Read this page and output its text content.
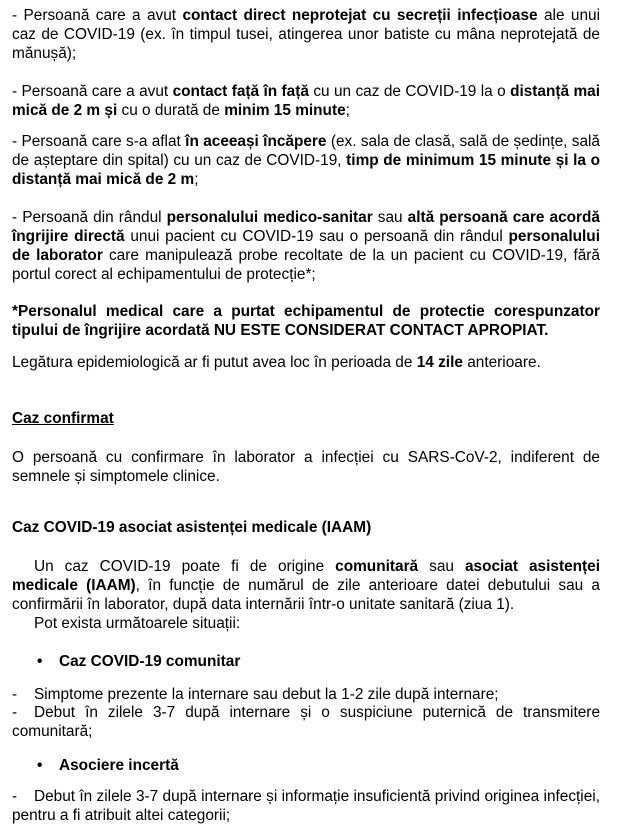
- Persoană care a avut contact direct neprotejat cu secreții infecțioase ale unui caz de COVID-19 (ex. în timpul tusei, atingerea unor batiste cu mâna neprotejată de mănușă);

- Persoană care a avut contact față în față cu un caz de COVID-19 la o distanță mai mică de 2 m și cu o durată de minim 15 minute;

- Persoană care s-a aflat în aceeași încăpere (ex. sala de clasă, sală de ședințe, sală de așteptare din spital) cu un caz de COVID-19, timp de minimum 15 minute și la o distanță mai mică de 2 m;

- Persoană din rândul personalului medico-sanitar sau altă persoană care acordă îngrijire directă unui pacient cu COVID-19 sau o persoană din rândul personalului de laborator care manipulează probe recoltate de la un pacient cu COVID-19, fără portul corect al echipamentului de protecție*;

*Personalul medical care a purtat echipamentul de protectie corespunzator tipului de îngrijire acordată NU ESTE CONSIDERAT CONTACT APROPIAT.

Legătura epidemiologică ar fi putut avea loc în perioada de 14 zile anterioare.

Caz confirmat

O persoană cu confirmare în laborator a infecției cu SARS-CoV-2, indiferent de semnele și simptomele clinice.

Caz COVID-19 asociat asistenței medicale (IAAM)

Un caz COVID-19 poate fi de origine comunitară sau asociat asistenței medicale (IAAM), în funcție de numărul de zile anterioare datei debutului sau a confirmării în laborator, după data internării într-o unitate sanitară (ziua 1).

Pot exista următoarele situații:

• Caz COVID-19 comunitar

- Simptome prezente la internare sau debut la 1-2 zile după internare;

- Debut în zilele 3-7 după internare și o suspiciune puternică de transmitere comunitară;

• Asociere incertă

- Debut în zilele 3-7 după internare și informație insuficientă privind originea infecției, pentru a fi atribuit altei categorii;
